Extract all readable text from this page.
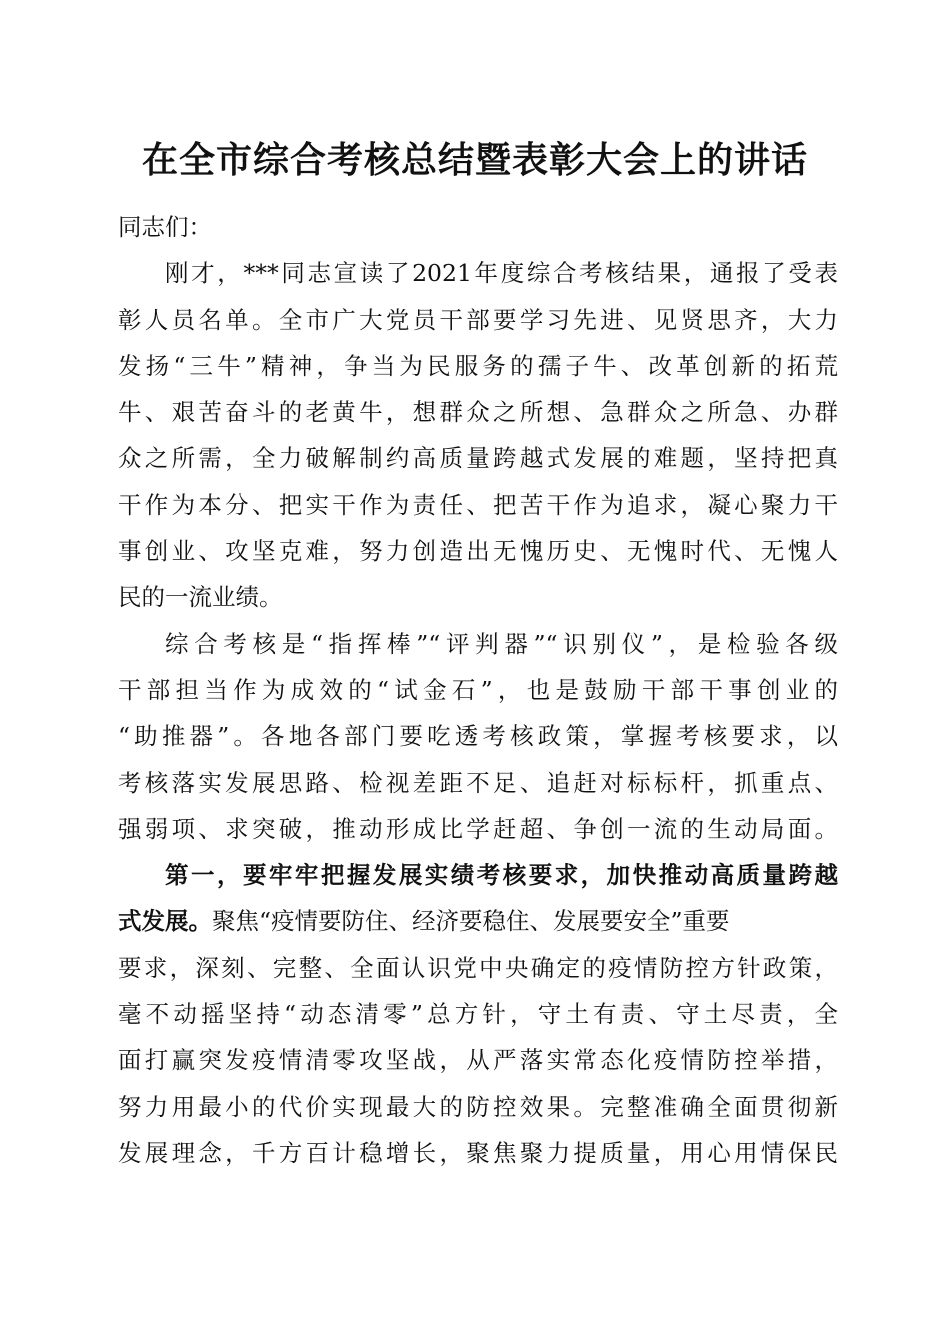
在全市综合考核总结暨表彰大会上的讲话
同志们：
刚才，***同志宣读了2021年度综合考核结果，通报了受表
彰人员名单。全市广大党员干部要学习先进、见贤思齐，大力
发扬“三牛”精神，争当为民服务的孺子牛、改革创新的拓荒
牛、艰苦奋斗的老黄牛，想群众之所想、急群众之所急、办群
众之所需，全力破解制约高质量跨越式发展的难题，坚持把真
干作为本分、把实干作为责任、把苦干作为追求，凝心聚力干
事创业、攻坚克难，努力创造出无愧历史、无愧时代、无愧人
民的一流业绩。
综合考核是“指挥棒”“评判器”“识别仪”，是检验各级
干部担当作为成效的“试金石”，也是鼓励干部干事创业的
“助推器”。各地各部门要吃透考核政策，掌握考核要求，以
考核落实发展思路、检视差距不足、追赶对标标杆，抓重点、
强弱项、求突破，推动形成比学赶超、争创一流的生动局面。
第一，要牢牢把握发展实绩考核要求，加快推动高质量跨越
式发展。聚焦“疫情要防住、经济要稳住、发展要安全”重要
要求，深刻、完整、全面认识党中央确定的疫情防控方针政策，
毫不动摇坚持“动态清零”总方针，守土有责、守土尽责，全
面打赢突发疫情清零攻坚战，从严落实常态化疫情防控举措，
努力用最小的代价实现最大的防控效果。完整准确全面贯彻新
发展理念，千方百计稳增长，聚焦聚力提质量，用心用情保民
